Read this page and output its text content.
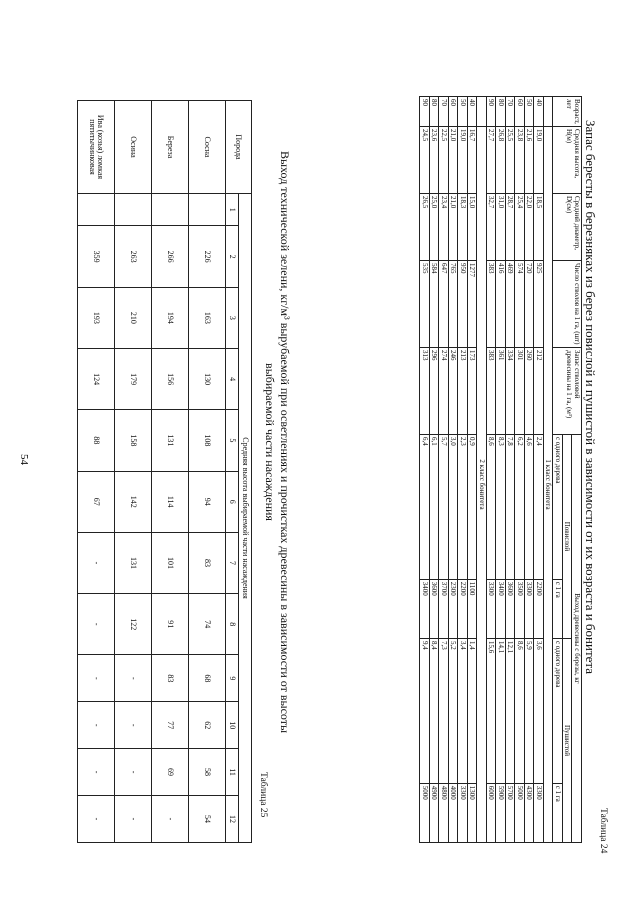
Таблица 24
Запас бересты в березняках из берез повислой и пушистой в зависимости от их возраста и бонитета
Возраст, лет	Средняя высота, Н(м)	Средний диаметр, D(см)	Число стволов на 1 га, (шт)	Запас стволовой древесины на 1 га, (м³)	Выход древесины с березы, кг			
					Повислой		Пушистой	
					с одного дерева	с 1 га	с одного дерева	с 1 га
	1 класс бонитета							
40	19,0	18,5	925	212	2,4	2200	3,6	3300
50	21,6	22,0	720	260	4,6	3300	5,9	4300
60	23,8	25,4	574	301	6,2	3500	8,6	5000
70	25,5	28,7	469	334	7,8	3600	12,1	5700
80	26,8	31,0	416	361	8,3	3400	14,1	5900
90	27,7	32,7	383	383	8,6	3300	15,6	6000
	2 класс бонитета							
40	16,7	15,0	1277	173	0,9	1100	1,4	1300
50	19,0	18,3	950	213	2,3	2200	3,4	3300
60	21,0	21,0	765	246	3,0	2300	5,2	4000
70	22,5	23,4	647	274	5,7	3700	7,3	4800
80	23,6	25,0	584	296	6,1	3600	8,4	4900
90	24,5	26,5	535	313	6,4	3400	9,4	5000
Выход технической зелени, кг/м³ вырубаемой при осветлениях и прочистках древесины в зависимости от высоты выбираемой части насаждения
Таблица 25
Порода	Средняя высота выбираемой части насаждения											
	1	2	3	4	5	6	7	8	9	10	11	12
Сосна		226	163	130	108	94	83	74	68	62	58	54
Береза		266	194	156	131	114	101	91	83	77	69	-
Осина		263	210	179	158	142	131	122	-	-	-	-
Ива (козья) ломкая пятитычинковая		359	193	124	88	67	-	-	-	-	-	-
54
